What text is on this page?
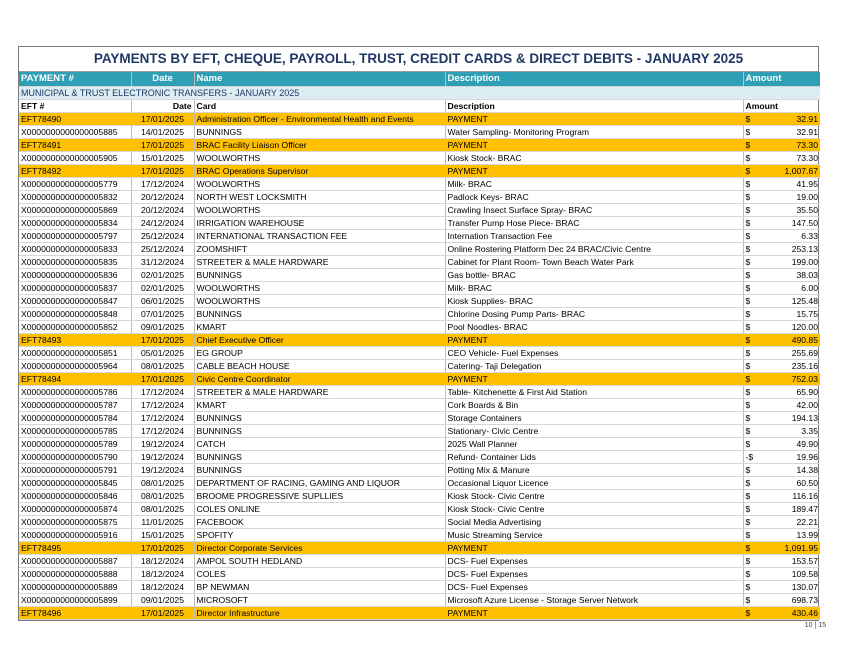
PAYMENTS BY EFT, CHEQUE, PAYROLL, TRUST, CREDIT CARDS & DIRECT DEBITS - JANUARY 2025
PAYMENT #	Date	Name	Description	Amount
MUNICIPAL & TRUST ELECTRONIC TRANSFERS - JANUARY 2025				
EFT #	Date	Card	Description	Amount
EFT78490	17/01/2025	Administration Officer - Environmental Health and Events	PAYMENT	$ 32.91

X0000000000000005885	14/01/2025	BUNNINGS	Water Sampling- Monitoring Program	$ 32.91

EFT78491	17/01/2025	BRAC Facility Liaison Officer	PAYMENT	$ 73.30

X0000000000000005905	15/01/2025	WOOLWORTHS	Kiosk Stock- BRAC	$ 73.30

EFT78492	17/01/2025	BRAC Operations Supervisor	PAYMENT	$ 1,007.67

X0000000000000005779	17/12/2024	WOOLWORTHS	Milk- BRAC	$ 41.95

X0000000000000005832	20/12/2024	NORTH WEST LOCKSMITH	Padlock Keys- BRAC	$ 19.00

X0000000000000005869	20/12/2024	WOOLWORTHS	Crawling Insect Surface Spray- BRAC	$ 35.50

X0000000000000005834	24/12/2024	IRRIGATION WAREHOUSE	Transfer Pump Hose Piece- BRAC	$ 147.50

X0000000000000005797	25/12/2024	INTERNATIONAL TRANSACTION FEE	Internation Transaction Fee	$ 6.33

X0000000000000005833	25/12/2024	ZOOMSHIFT	Online Rostering Platform Dec 24 BRAC/Civic Centre	$ 253.13

X0000000000000005835	31/12/2024	STREETER & MALE HARDWARE	Cabinet for Plant Room- Town Beach Water Park	$ 199.00

X0000000000000005836	02/01/2025	BUNNINGS	Gas bottle- BRAC	$ 38.03

X0000000000000005837	02/01/2025	WOOLWORTHS	Milk- BRAC	$ 6.00

X0000000000000005847	06/01/2025	WOOLWORTHS	Kiosk Supplies- BRAC	$ 125.48

X0000000000000005848	07/01/2025	BUNNINGS	Chlorine Dosing Pump Parts- BRAC	$ 15.75

X0000000000000005852	09/01/2025	KMART	Pool Noodles- BRAC	$ 120.00

EFT78493	17/01/2025	Chief Executive Officer	PAYMENT	$ 490.85

X0000000000000005851	05/01/2025	EG GROUP	CEO Vehicle- Fuel Expenses	$ 255.69

X0000000000000005964	08/01/2025	CABLE BEACH HOUSE	Catering- Taji Delegation	$ 235.16

EFT78494	17/01/2025	Civic Centre Coordinator	PAYMENT	$ 752.03

X0000000000000005786	17/12/2024	STREETER & MALE HARDWARE	Table- Kitchenette & First Aid Station	$ 65.90

X0000000000000005787	17/12/2024	KMART	Cork Boards & Bin	$ 42.00

X0000000000000005784	17/12/2024	BUNNINGS	Storage Containers	$ 194.13

X0000000000000005785	17/12/2024	BUNNINGS	Stationary- Civic Centre	$ 3.35

X0000000000000005789	19/12/2024	CATCH	2025 Wall Planner	$ 49.90

X0000000000000005790	19/12/2024	BUNNINGS	Refund- Container Lids	-$ 19.96

X0000000000000005791	19/12/2024	BUNNINGS	Potting Mix & Manure	$ 14.38

X0000000000000005845	08/01/2025	DEPARTMENT OF RACING, GAMING AND LIQUOR	Occasional Liquor Licence	$ 60.50

X0000000000000005846	08/01/2025	BROOME PROGRESSIVE SUPLLIES	Kiosk Stock- Civic Centre	$ 116.16

X0000000000000005874	08/01/2025	COLES ONLINE	Kiosk Stock- Civic Centre	$ 189.47

X0000000000000005875	11/01/2025	FACEBOOK	Social Media Advertising	$ 22.21

X0000000000000005916	15/01/2025	SPOFITY	Music Streaming Service	$ 13.99

EFT78495	17/01/2025	Director Corporate Services	PAYMENT	$ 1,091.95

X0000000000000005887	18/12/2024	AMPOL SOUTH HEDLAND	DCS- Fuel Expenses	$ 153.57

X0000000000000005888	18/12/2024	COLES	DCS- Fuel Expenses	$ 109.58

X0000000000000005889	18/12/2024	BP NEWMAN	DCS- Fuel Expenses	$ 130.07

X0000000000000005899	09/01/2025	MICROSOFT	Microsoft Azure License - Storage Server Network	$ 698.73

EFT78496	17/01/2025	Director Infrastructure	PAYMENT	$ 430.46
10 | 15
